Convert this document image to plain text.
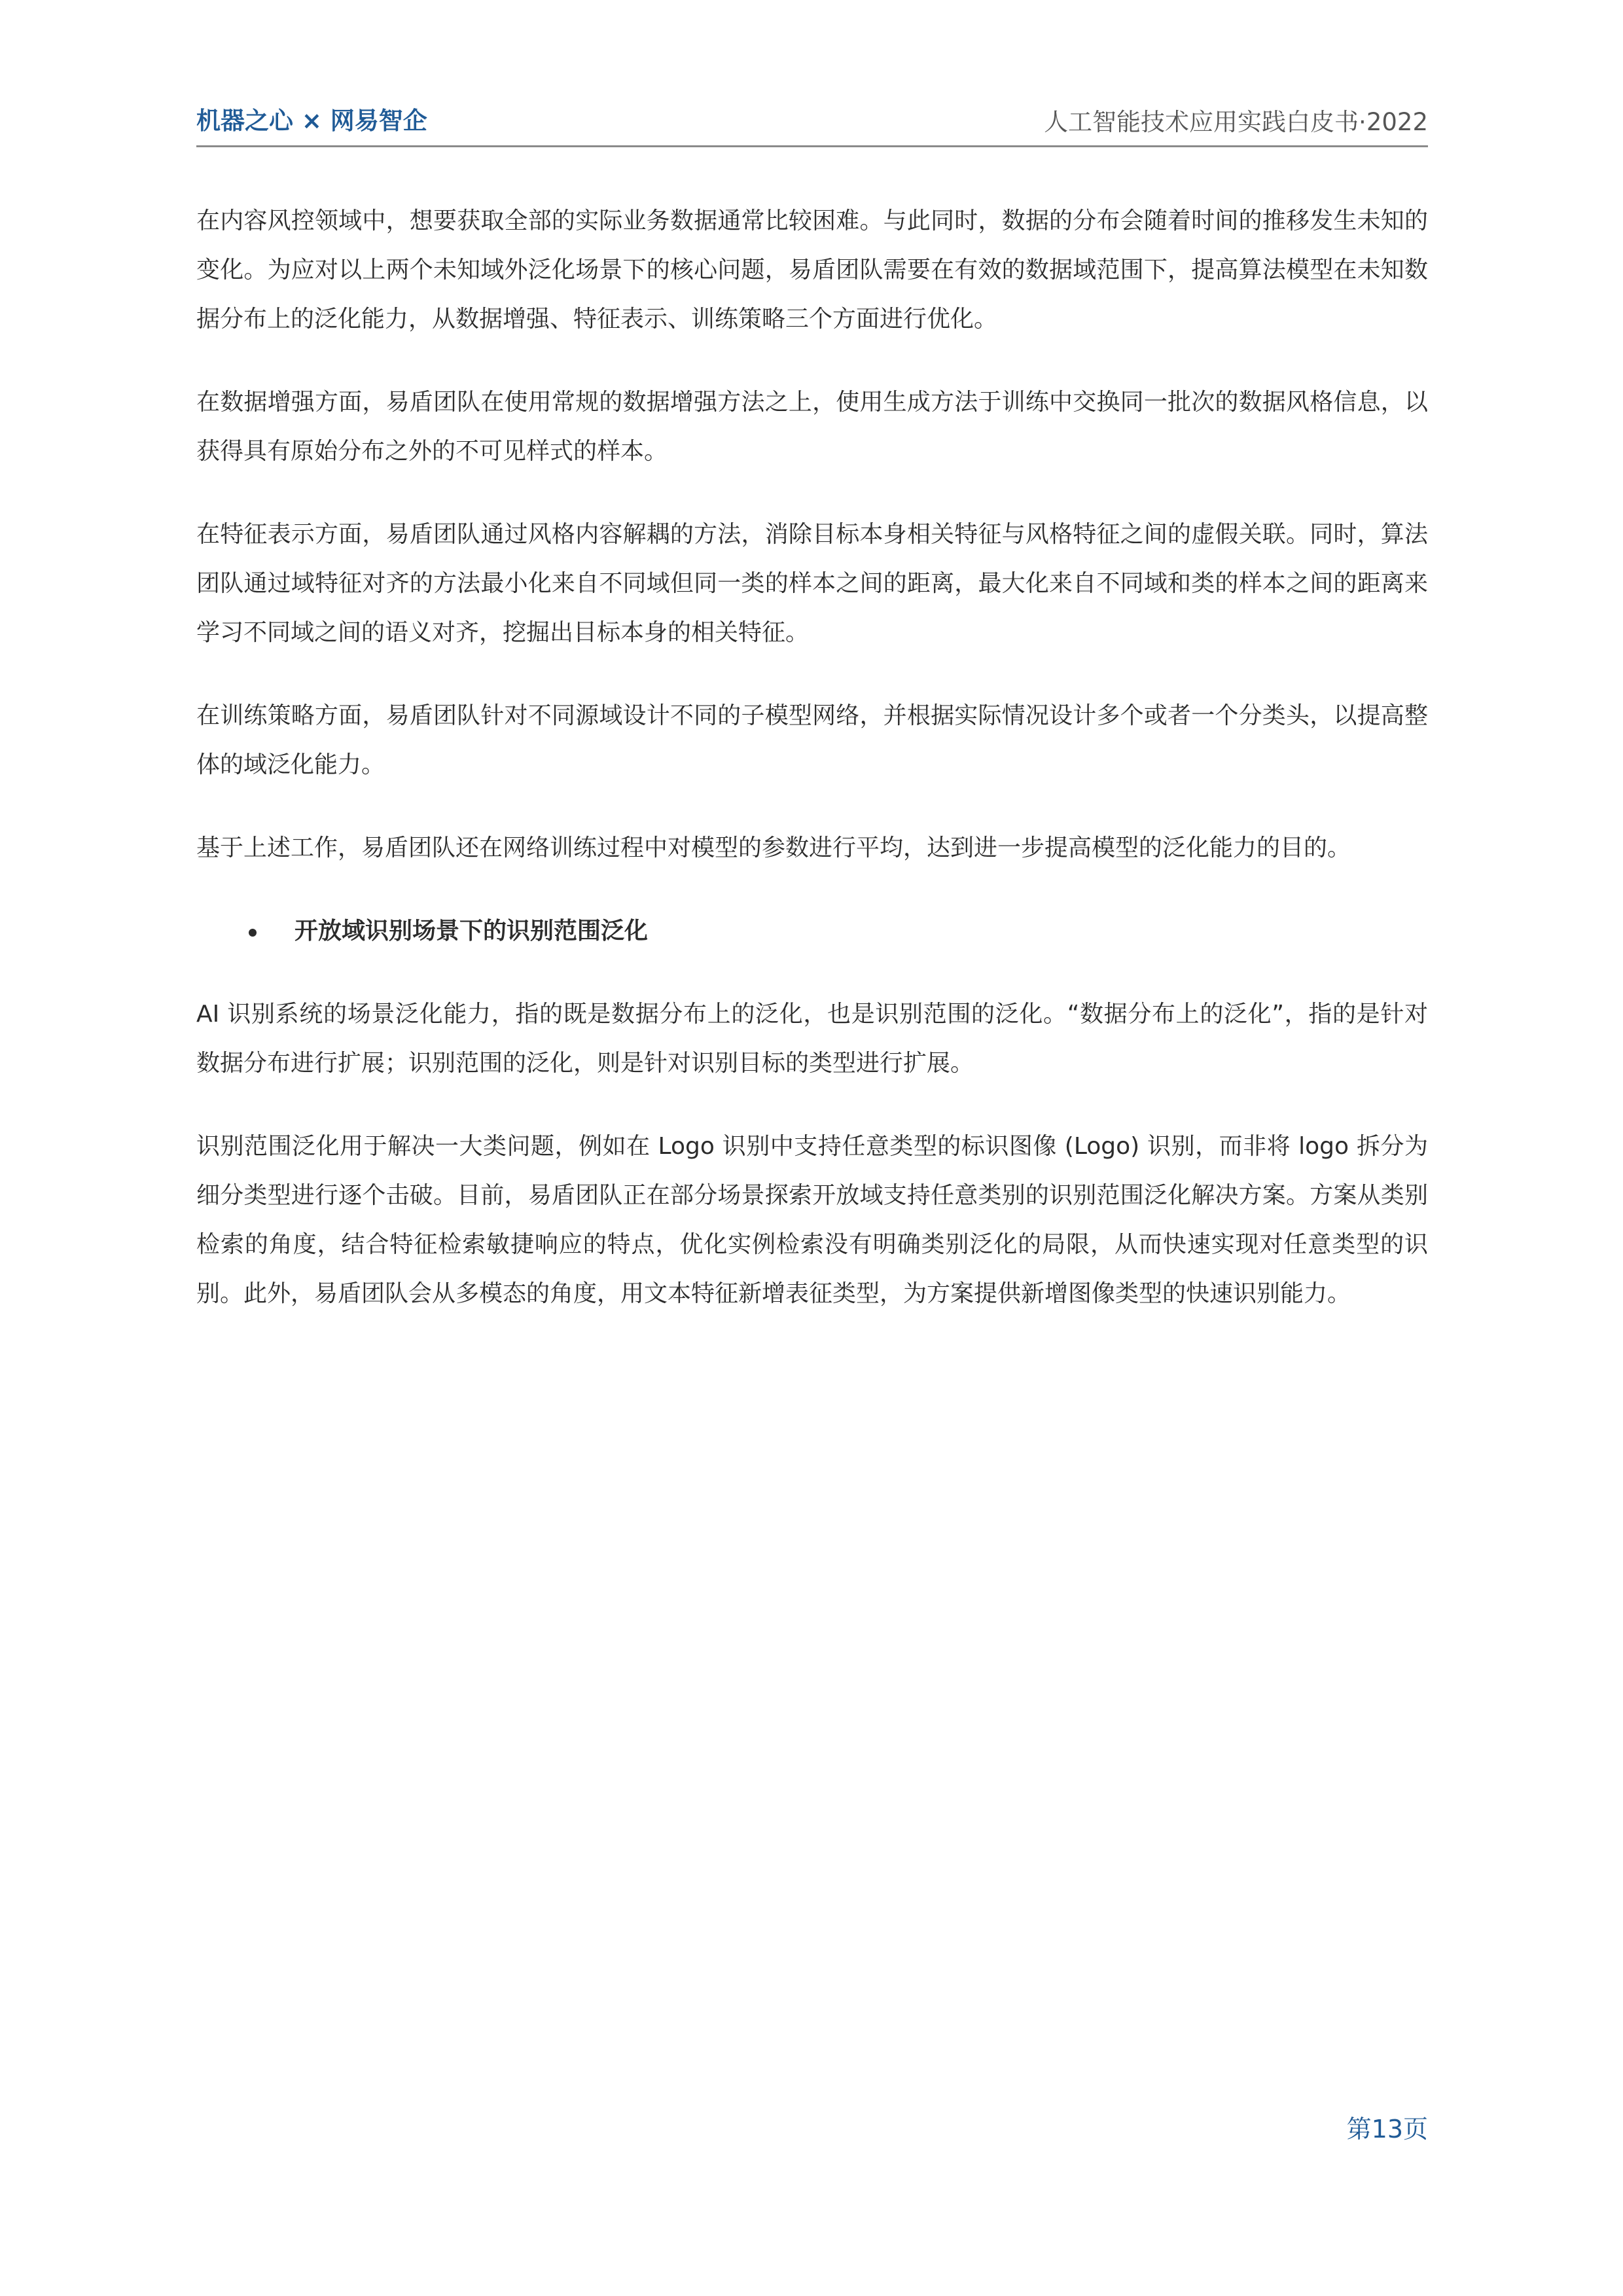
机器之心 × 网易智企	人工智能技术应用实践白皮书·2022

在内容风控领域中，想要获取全部的实际业务数据通常比较困难。与此同时，数据的分布会随着时间的推移发生未知的变化。为应对以上两个未知域外泛化场景下的核心问题，易盾团队需要在有效的数据域范围下，提高算法模型在未知数据分布上的泛化能力，从数据增强、特征表示、训练策略三个方面进行优化。

在数据增强方面，易盾团队在使用常规的数据增强方法之上，使用生成方法于训练中交换同一批次的数据风格信息，以获得具有原始分布之外的不可见样式的样本。

在特征表示方面，易盾团队通过风格内容解耦的方法，消除目标本身相关特征与风格特征之间的虚假关联。同时，算法团队通过域特征对齐的方法最小化来自不同域但同一类的样本之间的距离，最大化来自不同域和类的样本之间的距离来学习不同域之间的语义对齐，挖掘出目标本身的相关特征。

在训练策略方面，易盾团队针对不同源域设计不同的子模型网络，并根据实际情况设计多个或者一个分类头，以提高整体的域泛化能力。

基于上述工作，易盾团队还在网络训练过程中对模型的参数进行平均，达到进一步提高模型的泛化能力的目的。

开放域识别场景下的识别范围泛化

AI 识别系统的场景泛化能力，指的既是数据分布上的泛化，也是识别范围的泛化。“数据分布上的泛化”，指的是针对数据分布进行扩展；识别范围的泛化，则是针对识别目标的类型进行扩展。

识别范围泛化用于解决一大类问题，例如在 Logo 识别中支持任意类型的标识图像 (Logo) 识别，而非将 logo 拆分为细分类型进行逐个击破。目前，易盾团队正在部分场景探索开放域支持任意类别的识别范围泛化解决方案。方案从类别检索的角度，结合特征检索敏捷响应的特点，优化实例检索没有明确类别泛化的局限，从而快速实现对任意类型的识别。此外，易盾团队会从多模态的角度，用文本特征新增表征类型，为方案提供新增图像类型的快速识别能力。

第13页
